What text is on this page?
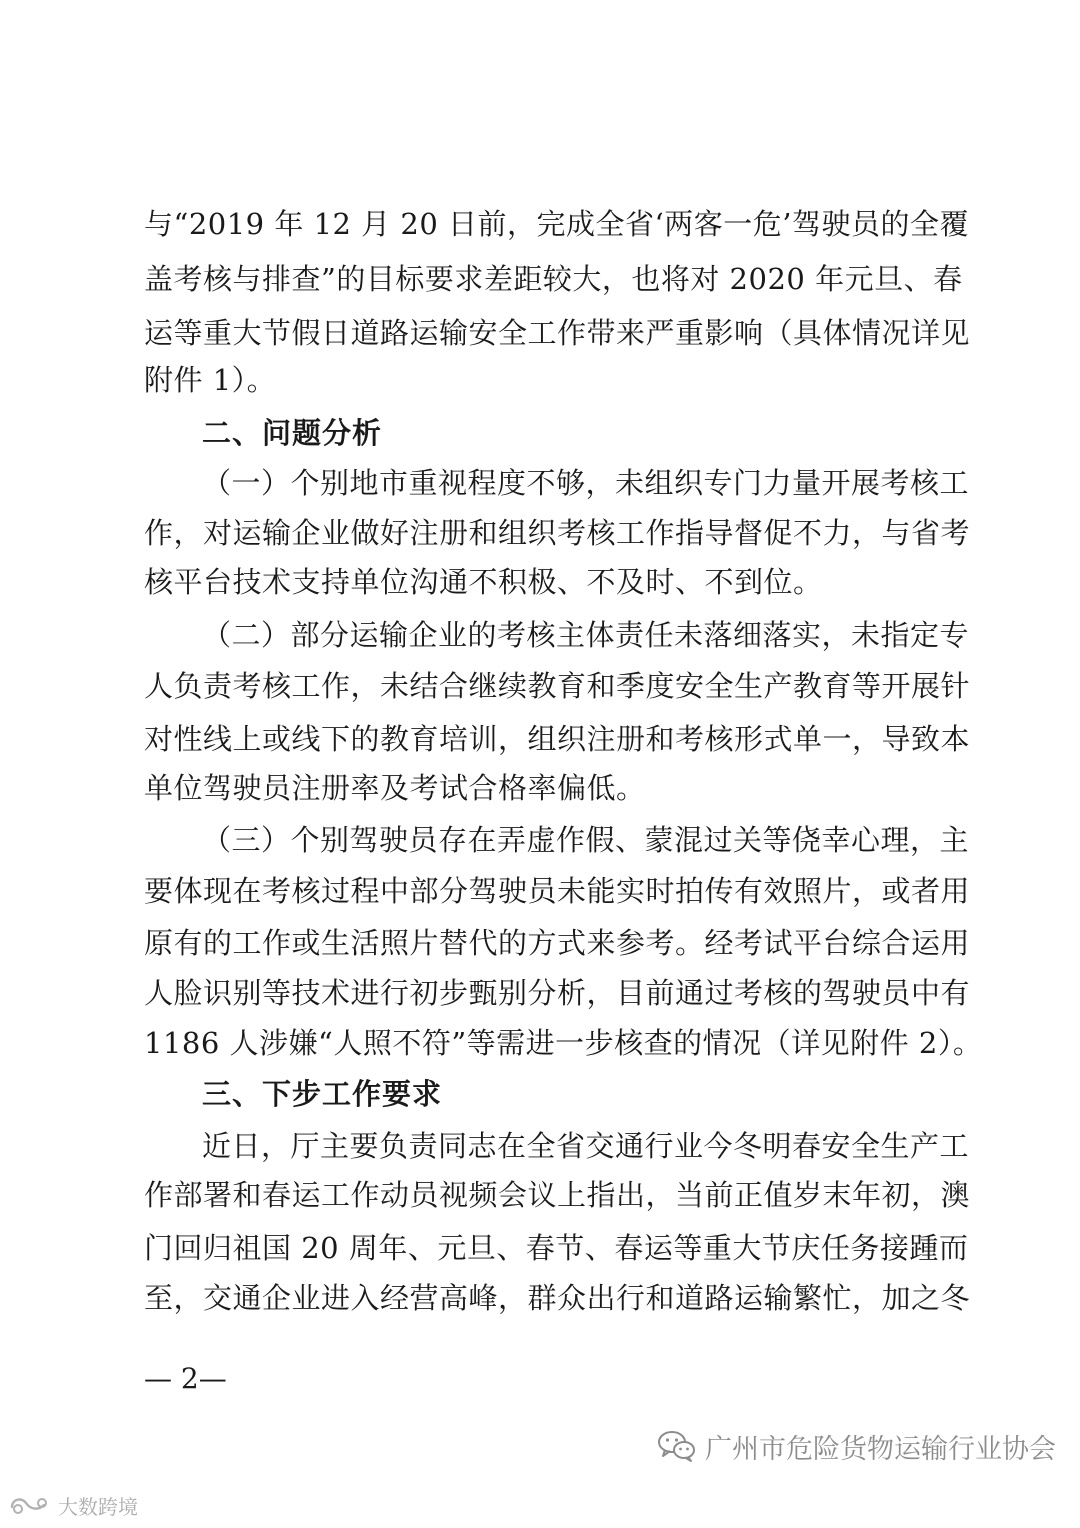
与“2019 年 12 月 20 日前，完成全省‘两客一危’驾驶员的全覆
盖考核与排查”的目标要求差距较大，也将对 2020 年元旦、春
运等重大节假日道路运输安全工作带来严重影响（具体情况详见
附件 1）。
二、问题分析
（一）个别地市重视程度不够，未组织专门力量开展考核工
作，对运输企业做好注册和组织考核工作指导督促不力，与省考
核平台技术支持单位沟通不积极、不及时、不到位。
（二）部分运输企业的考核主体责任未落细落实，未指定专
人负责考核工作，未结合继续教育和季度安全生产教育等开展针
对性线上或线下的教育培训，组织注册和考核形式单一，导致本
单位驾驶员注册率及考试合格率偏低。
（三）个别驾驶员存在弄虚作假、蒙混过关等侥幸心理，主
要体现在考核过程中部分驾驶员未能实时拍传有效照片，或者用
原有的工作或生活照片替代的方式来参考。经考试平台综合运用
人脸识别等技术进行初步甄别分析，目前通过考核的驾驶员中有
1186 人涉嫌“人照不符”等需进一步核查的情况（详见附件 2）。
三、下步工作要求
近日，厅主要负责同志在全省交通行业今冬明春安全生产工
作部署和春运工作动员视频会议上指出，当前正值岁末年初，澳
门回归祖国 20 周年、元旦、春节、春运等重大节庆任务接踵而
至，交通企业进入经营高峰，群众出行和道路运输繁忙，加之冬
— 2—
广州市危险货物运输行业协会
大数跨境
